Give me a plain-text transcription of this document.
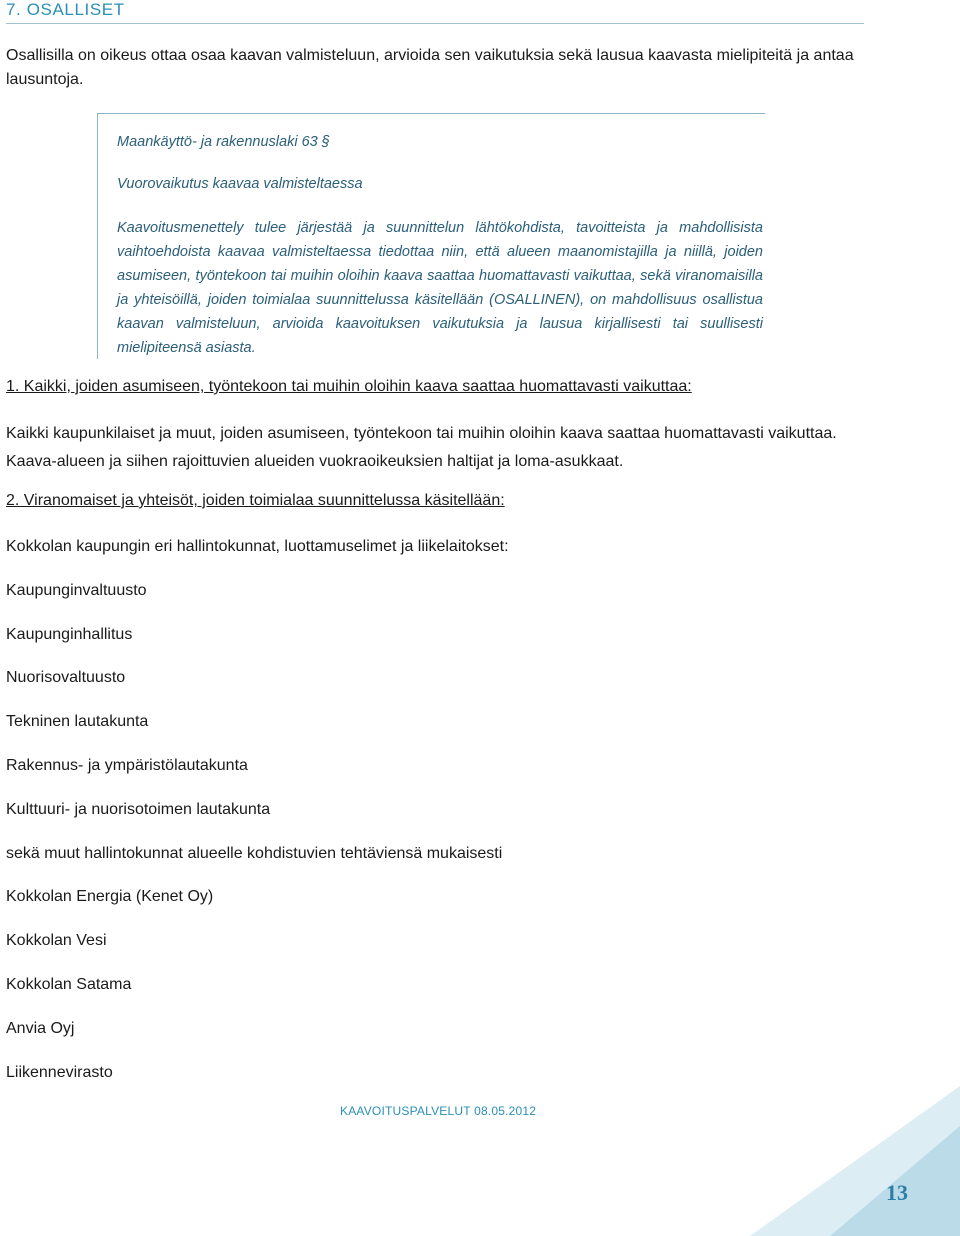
7. OSALLISET

Osallisilla on oikeus ottaa osaa kaavan valmisteluun, arvioida sen vaikutuksia sekä lausua kaavasta mielipiteitä ja antaa lausuntoja.

Maankäyttö- ja rakennuslaki 63 §

Vuorovaikutus kaavaa valmisteltaessa

Kaavoitusmenettely tulee järjestää ja suunnittelun lähtökohdista, tavoitteista ja mahdollisista vaihtoehdoista kaavaa valmisteltaessa tiedottaa niin, että alueen maanomistajilla ja niillä, joiden asumiseen, työntekoon tai muihin oloihin kaava saattaa huomattavasti vaikuttaa, sekä viranomaisilla ja yhteisöillä, joiden toimialaa suunnittelussa käsitellään (OSALLINEN), on mahdollisuus osallistua kaavan valmisteluun, arvioida kaavoituksen vaikutuksia ja lausua kirjallisesti tai suullisesti mielipiteensä asiasta.

1. Kaikki, joiden asumiseen, työntekoon tai muihin oloihin kaava saattaa huomattavasti vaikuttaa:

Kaikki kaupunkilaiset ja muut, joiden asumiseen, työntekoon tai muihin oloihin kaava saattaa huomattavasti vaikuttaa. Kaava-alueen ja siihen rajoittuvien alueiden vuokraoikeuksien haltijat ja loma-asukkaat.

2. Viranomaiset ja yhteisöt, joiden toimialaa suunnittelussa käsitellään:
Kokkolan kaupungin eri hallintokunnat, luottamuselimet ja liikelaitokset:
Kaupunginvaltuusto
Kaupunginhallitus
Nuorisovaltuusto
Tekninen lautakunta
Rakennus- ja ympäristölautakunta
Kulttuuri- ja nuorisotoimen lautakunta
sekä muut hallintokunnat alueelle kohdistuvien tehtäviensä mukaisesti
Kokkolan Energia (Kenet Oy)
Kokkolan Vesi
Kokkolan Satama
Anvia Oyj
Liikennevirasto

KAAVOITUSPALVELUT 08.05.2012

13
